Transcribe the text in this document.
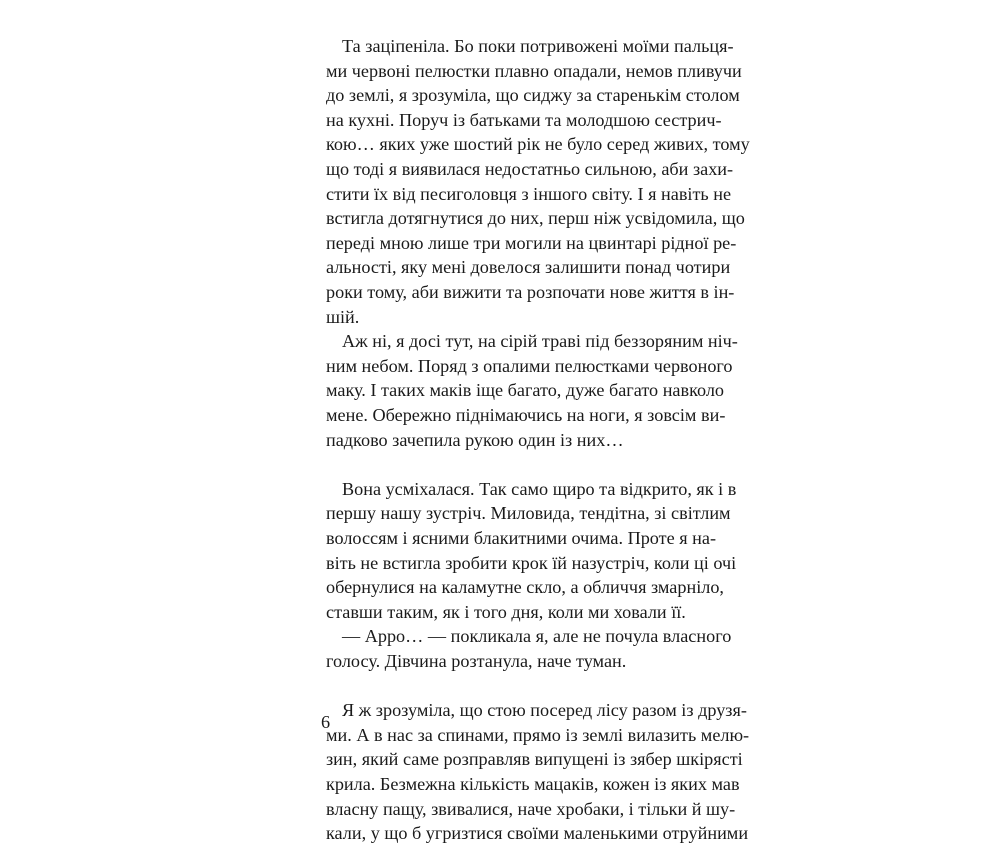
Та заціпеніла. Бо поки потривожені моїми пальця-
ми червоні пелюстки плавно опадали, немов пливучи
до землі, я зрозуміла, що сиджу за старенькім столом
на кухні. Поруч із батьками та молодшою сестрич-
кою… яких уже шостий рік не було серед живих, тому
що тоді я виявилася недостатньо сильною, аби захи-
стити їх від песиголовця з іншого світу. І я навіть не
встигла дотягнутися до них, перш ніж усвідомила, що
переді мною лише три могили на цвинтарі рідної ре-
альності, яку мені довелося залишити понад чотири
роки тому, аби вижити та розпочати нове життя в ін-
шій.
Аж ні, я досі тут, на сірій траві під беззоряним ніч-
ним небом. Поряд з опалими пелюстками червоного
маку. І таких маків іще багато, дуже багато навколо
мене. Обережно піднімаючись на ноги, я зовсім ви-
падково зачепила рукою один із них…
Вона усміхалася. Так само щиро та відкрито, як і в
першу нашу зустріч. Миловида, тендітна, зі світлим
волоссям і ясними блакитними очима. Проте я на-
віть не встигла зробити крок їй назустріч, коли ці очі
обернулися на каламутне скло, а обличчя змарніло,
ставши таким, як і того дня, коли ми ховали її.
— Арро… — покликала я, але не почула власного
голосу. Дівчина розтанула, наче туман.
Я ж зрозуміла, що стою посеред лісу разом із друзя-
ми. А в нас за спинами, прямо із землі вилазить мелю-
зин, який саме розправляв випущені із зябер шкірясті
крила. Безмежна кількість мацаків, кожен із яких мав
власну пащу, звивалися, наче хробаки, і тільки й шу-
кали, у що б угризтися своїми маленькими отруйними
6
